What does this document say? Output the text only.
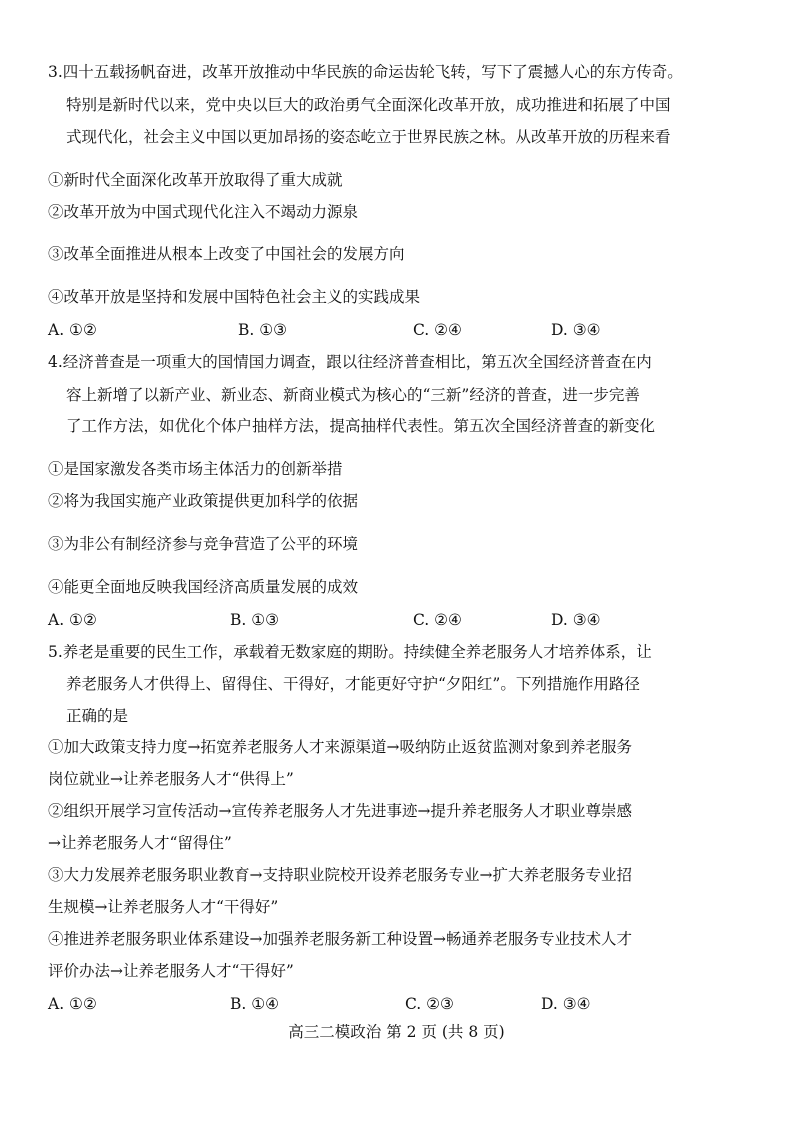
3.四十五载扬帆奋进，改革开放推动中华民族的命运齿轮飞转，写下了震撼人心的东方传奇。
特别是新时代以来，党中央以巨大的政治勇气全面深化改革开放，成功推进和拓展了中国
式现代化，社会主义中国以更加昂扬的姿态屹立于世界民族之林。从改革开放的历程来看
①新时代全面深化改革开放取得了重大成就
②改革开放为中国式现代化注入不竭动力源泉
③改革全面推进从根本上改变了中国社会的发展方向
④改革开放是坚持和发展中国特色社会主义的实践成果
A. ①②	B. ①③	C. ②④	D. ③④
4.经济普查是一项重大的国情国力调查，跟以往经济普查相比，第五次全国经济普查在内
容上新增了以新产业、新业态、新商业模式为核心的“三新”经济的普查，进一步完善
了工作方法，如优化个体户抽样方法，提高抽样代表性。第五次全国经济普查的新变化
①是国家激发各类市场主体活力的创新举措
②将为我国实施产业政策提供更加科学的依据
③为非公有制经济参与竞争营造了公平的环境
④能更全面地反映我国经济高质量发展的成效
A. ①②	B. ①③	C. ②④	D. ③④
5.养老是重要的民生工作，承载着无数家庭的期盼。持续健全养老服务人才培养体系，让
养老服务人才供得上、留得住、干得好，才能更好守护“夕阳红”。下列措施作用路径
正确的是
①加大政策支持力度→拓宽养老服务人才来源渠道→吸纳防止返贫监测对象到养老服务
岗位就业→让养老服务人才“供得上”
②组织开展学习宣传活动→宣传养老服务人才先进事迹→提升养老服务人才职业尊崇感
→让养老服务人才“留得住”
③大力发展养老服务职业教育→支持职业院校开设养老服务专业→扩大养老服务专业招
生规模→让养老服务人才“干得好”
④推进养老服务职业体系建设→加强养老服务新工种设置→畅通养老服务专业技术人才
评价办法→让养老服务人才“干得好”
A. ①②	B. ①④	C. ②③	D. ③④
高三二模政治 第 2 页 (共 8 页)
